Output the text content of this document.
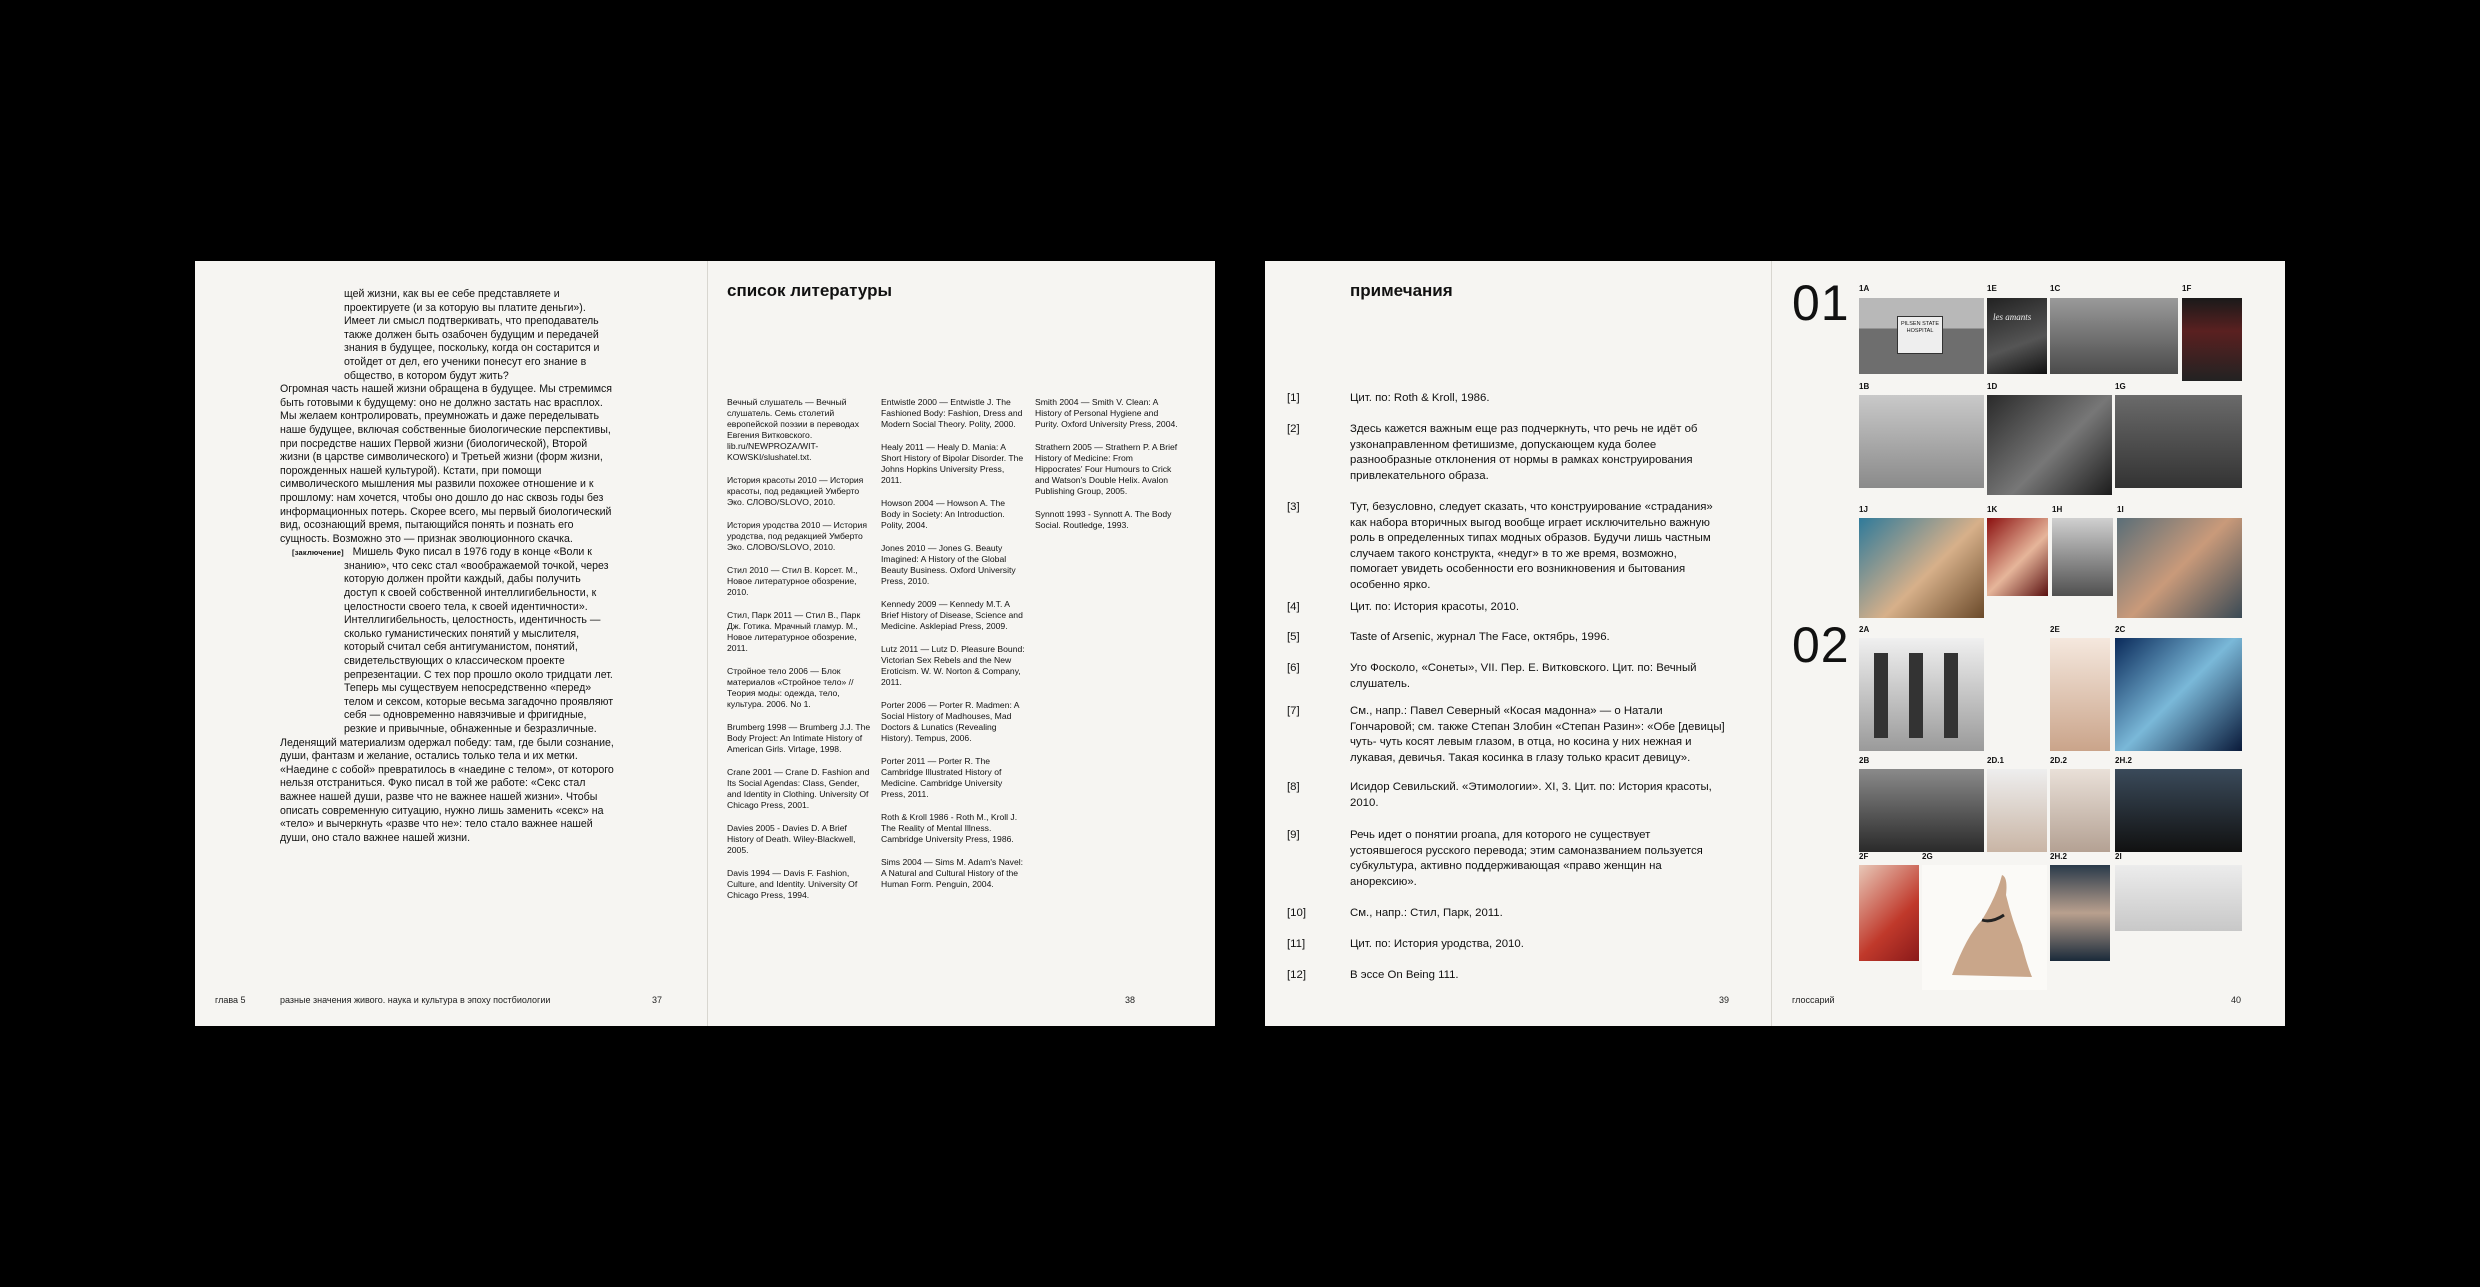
щей жизни, как вы ее себе представляете и проектируете (и за которую вы платите деньги»). Имеет ли смысл подтверкивать, что преподаватель также должен быть озабочен будущим и передачей знания в будущее, поскольку, когда он состарится и отойдет от дел, его ученики понесут его знание в общество, в котором будут жить?

Огромная часть нашей жизни обращена в будущее. Мы стремимся быть готовыми к будущему: оно не должно застать нас врасплох. Мы желаем контролировать, преумножать и даже переделывать наше будущее, включая собственные биологические перспективы, при посредстве наших Первой жизни (биологической), Второй жизни (в царстве символического) и Третьей жизни (форм жизни, порожденных нашей культурой). Кстати, при помощи символического мышления мы развили похожее отношение и к прошлому: нам хочется, чтобы оно дошло до нас сквозь годы без информационных потерь. Скорее всего, мы первый биологический вид, осознающий время, пытающийся понять и познать его сущность. Возможно это — признак эволюционного скачка.

[заключение] Мишель Фуко писал в 1976 году в конце «Воли к знанию», что секс стал «воображаемой точкой, через которую должен пройти каждый, дабы получить доступ к своей собственной интеллигибельности, к целостности своего тела, к своей идентичности». Интеллигибельность, целостность, идентичность — сколько гуманистических понятий у мыслителя, который считал себя антигуманистом, понятий, свидетельствующих о классическом проекте репрезентации. С тех пор прошло около тридцати лет. Теперь мы существуем непосредственно «перед» телом и сексом, которые весьма загадочно проявляют себя — одновременно навязчивые и фригидные, резкие и привычные, обнаженные и безразличные.

Леденящий материализм одержал победу: там, где были сознание, души, фантазм и желание, остались только тела и их метки. «Наедине с собой» превратилось в «наедине с телом», от которого нельзя отстраниться. Фуко писал в той же работе: «Секс стал важнее нашей души, разве что не важнее нашей жизни». Чтобы описать современную ситуацию, нужно лишь заменить «секс» на «тело» и вычеркнуть «разве что не»: тело стало важнее нашей души, оно стало важнее нашей жизни.

глава 5	разные значения живого. наука и культура в эпоху постбиологии	37
список литературы

Вечный слушатель — Вечный слушатель. Семь столетий европейской поэзии в переводах Евгения Витковского. lib.ru/NEWPROZA/WIT- KOWSKI/slushatel.txt.

История красоты 2010 — История красоты, под редакцией Умберто Эко. СЛОВО/SLOVO, 2010.

История уродства 2010 — История уродства, под редакцией Умберто Эко. СЛОВО/SLOVO, 2010.

Стил 2010 — Стил В. Корсет. М., Новое литературное обозрение, 2010.

Стил, Парк 2011 — Стил В., Парк Дж. Готика. Мрачный гламур. М., Новое литературное обозрение, 2011.

Стройное тело 2006 — Блок материалов «Стройное тело» // Теория моды: одежда, тело, культура. 2006. No 1.

Brumberg 1998 — Brumberg J.J. The Body Project: An Intimate History of American Girls. Virtage, 1998.

Crane 2001 — Crane D. Fashion and Its Social Agendas: Class, Gender, and Identity in Clothing. University Of Chicago Press, 2001.

Davies 2005 - Davies D. A Brief History of Death. Wiley-Blackwell, 2005.

Davis 1994 — Davis F. Fashion, Culture, and Identity. University Of Chicago Press, 1994.

Entwistle 2000 — Entwistle J. The Fashioned Body: Fashion, Dress and Modern Social Theory. Polity, 2000.

Healy 2011 — Healy D. Mania: A Short History of Bipolar Disorder. The Johns Hopkins University Press, 2011.

Howson 2004 — Howson A. The Body in Society: An Introduction. Polity, 2004.

Jones 2010 — Jones G. Beauty Imagined: A History of the Global Beauty Business. Oxford University Press, 2010.

Kennedy 2009 — Kennedy M.T. A Brief History of Disease, Science and Medicine. Asklepiad Press, 2009.

Lutz 2011 — Lutz D. Pleasure Bound: Victorian Sex Rebels and the New Eroticism. W. W. Norton & Company, 2011.

Porter 2006 — Porter R. Madmen: A Social History of Madhouses, Mad Doctors & Lunatics (Revealing History). Tempus, 2006.

Porter 2011 — Porter R. The Cambridge Illustrated History of Medicine. Cambridge University Press, 2011.

Roth & Kroll 1986 - Roth M., Kroll J. The Reality of Mental Illness. Cambridge University Press, 1986.

Sims 2004 — Sims M. Adam's Navel: A Natural and Cultural History of the Human Form. Penguin, 2004.

Smith 2004 — Smith V. Clean: A History of Personal Hygiene and Purity. Oxford University Press, 2004.

Strathern 2005 — Strathern P. A Brief History of Medicine: From Hippocrates' Four Humours to Crick and Watson's Double Helix. Avalon Publishing Group, 2005.

Synnott 1993 - Synnott A. The Body Social. Routledge, 1993.

38
примечания
[1]	Цит. по: Roth & Kroll, 1986.
[2]	Здесь кажется важным еще раз подчеркнуть, что речь не идёт об узконаправленном фетишизме, допускающем куда более разнообразные отклонения от нормы в рамках конструирования привлекательного образа.
[3]	Тут, безусловно, следует сказать, что конструирование «страдания» как набора вторичных выгод вообще играет исключительно важную роль в определенных типах модных образов. Будучи лишь частным случаем такого конструкта, «недуг» в то же время, возможно, помогает увидеть особенности его возникновения и бытования особенно ярко.
[4]	Цит. по: История красоты, 2010.
[5]	Taste of Arsenic, журнал The Face, октябрь, 1996.
[6]	Уго Фосколо, «Сонеты», VII. Пер. Е. Витковского. Цит. по: Вечный слушатель.
[7]	См., напр.: Павел Северный «Косая мадонна» — о Натали Гончаровой; см. также Степан Злобин «Степан Разин»: «Обе [девицы] чуть- чуть косят левым глазом, в отца, но косина у них нежная и лукавая, девичья. Такая косинка в глазу только красит девицу».
[8]	Исидор Севильский. «Этимологии». XI, 3. Цит. по: История красоты, 2010.
[9]	Речь идет о понятии proana, для которого не существует устоявшегося русского перевода; этим самоназванием пользуется субкультура, активно поддерживающая «право женщин на анорексию».
[10]	См., напр.: Стил, Парк, 2011.
[11]	Цит. по: История уродства, 2010.
[12]	В эссе On Being 111.
39
01
02
PILSEN STATE HOSPITAL
1A
les amants
1E	1C	1F
1B	1D	1G
1J	1K	1H	1I
2A	2E	2C
2B	2D.1	2D.2	2H.2
2F	2G	2H.2	2I
глоссарий	40
